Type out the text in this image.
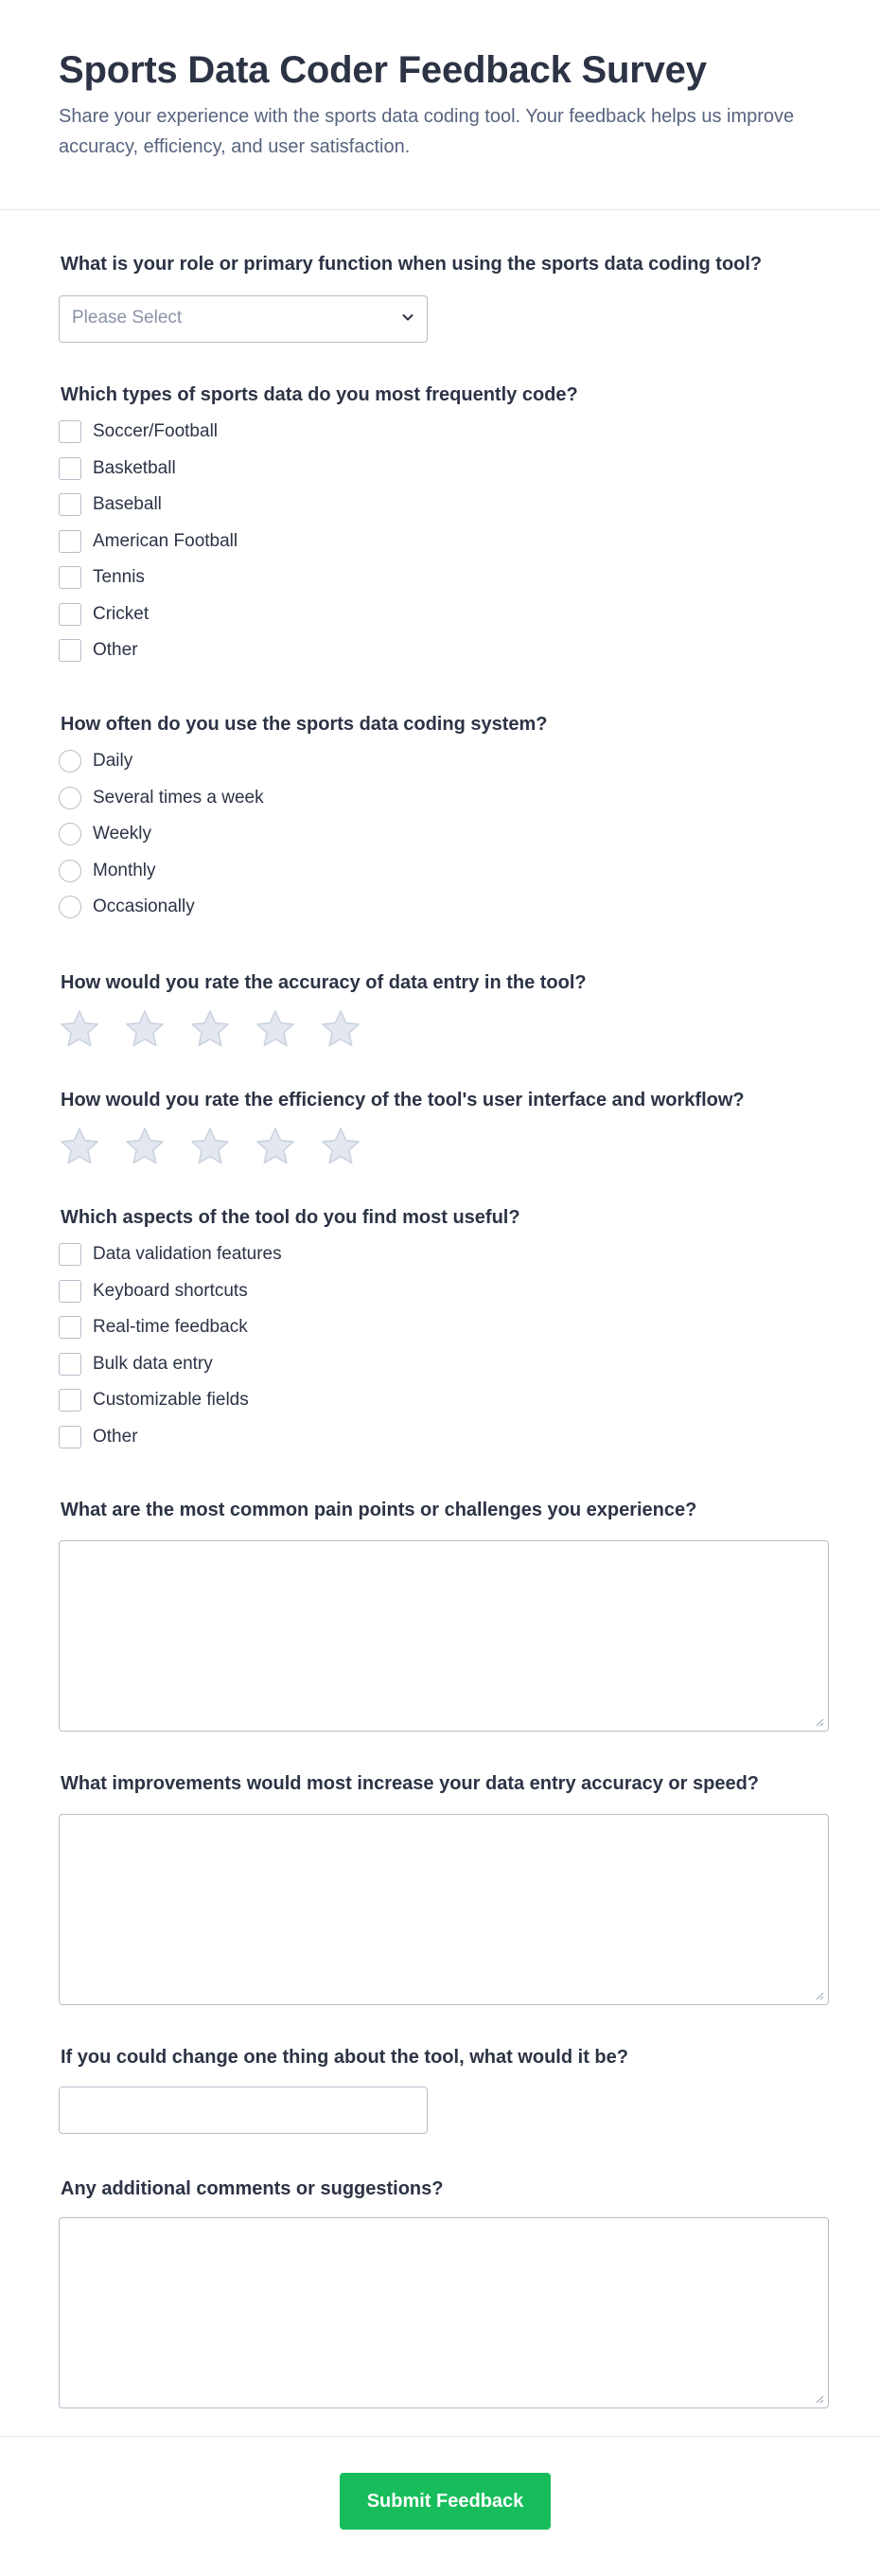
Sports Data Coder Feedback Survey

Share your experience with the sports data coding tool. Your feedback helps us improve accuracy, efficiency, and user satisfaction.

What is your role or primary function when using the sports data coding tool?
Please Select
Which types of sports data do you most frequently code?
Soccer/Football
Basketball
Baseball
American Football
Tennis
Cricket
Other
How often do you use the sports data coding system?
Daily
Several times a week
Weekly
Monthly
Occasionally
How would you rate the accuracy of data entry in the tool?
How would you rate the efficiency of the tool's user interface and workflow?
Which aspects of the tool do you find most useful?
Data validation features
Keyboard shortcuts
Real-time feedback
Bulk data entry
Customizable fields
Other
What are the most common pain points or challenges you experience?
What improvements would most increase your data entry accuracy or speed?
If you could change one thing about the tool, what would it be?
Any additional comments or suggestions?
Submit Feedback
